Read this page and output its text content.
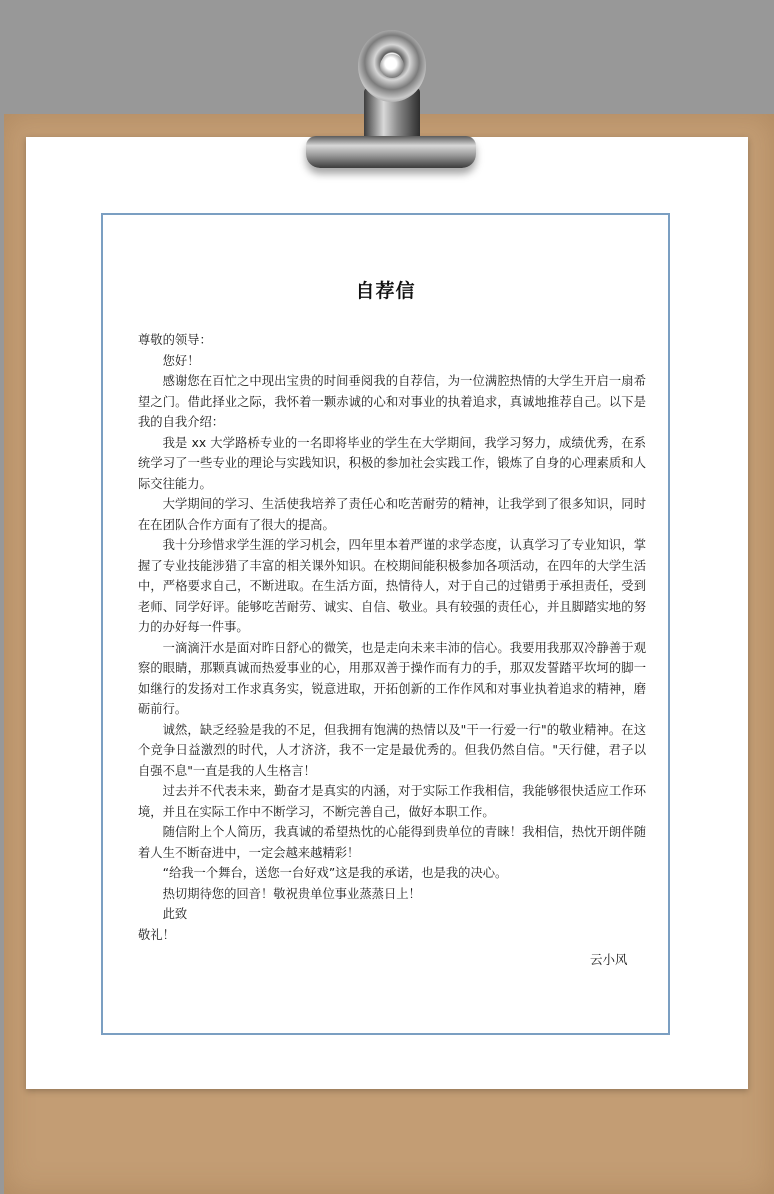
自荐信

尊敬的领导：

您好！

感谢您在百忙之中现出宝贵的时间垂阅我的自荐信，为一位满腔热情的大学生开启一扇希望之门。借此择业之际，我怀着一颗赤诚的心和对事业的执着追求，真诚地推荐自己。以下是我的自我介绍：

我是 xx 大学路桥专业的一名即将毕业的学生在大学期间，我学习努力，成绩优秀，在系统学习了一些专业的理论与实践知识，积极的参加社会实践工作，锻炼了自身的心理素质和人际交往能力。

大学期间的学习、生活使我培养了责任心和吃苦耐劳的精神，让我学到了很多知识，同时在在团队合作方面有了很大的提高。

我十分珍惜求学生涯的学习机会，四年里本着严谨的求学态度，认真学习了专业知识，掌握了专业技能涉猎了丰富的相关课外知识。在校期间能积极参加各项活动，在四年的大学生活中，严格要求自己，不断进取。在生活方面，热情待人，对于自己的过错勇于承担责任，受到老师、同学好评。能够吃苦耐劳、诚实、自信、敬业。具有较强的责任心，并且脚踏实地的努力的办好每一件事。

一滴滴汗水是面对昨日舒心的微笑，也是走向未来丰沛的信心。我要用我那双冷静善于观察的眼睛，那颗真诚而热爱事业的心，用那双善于操作而有力的手，那双发誓踏平坎坷的脚一如继行的发扬对工作求真务实，锐意进取，开拓创新的工作作风和对事业执着追求的精神，磨砺前行。

诚然，缺乏经验是我的不足，但我拥有饱满的热情以及"干一行爱一行"的敬业精神。在这个竞争日益激烈的时代，人才济济，我不一定是最优秀的。但我仍然自信。"天行健，君子以自强不息"一直是我的人生格言！

过去并不代表未来，勤奋才是真实的内涵，对于实际工作我相信，我能够很快适应工作环境，并且在实际工作中不断学习，不断完善自己，做好本职工作。

随信附上个人简历，我真诚的希望热忱的心能得到贵单位的青睐！我相信，热忱开朗伴随着人生不断奋进中，一定会越来越精彩！

“给我一个舞台，送您一台好戏”这是我的承诺，也是我的决心。

热切期待您的回音！敬祝贵单位事业蒸蒸日上！

此致

敬礼！

云小风
